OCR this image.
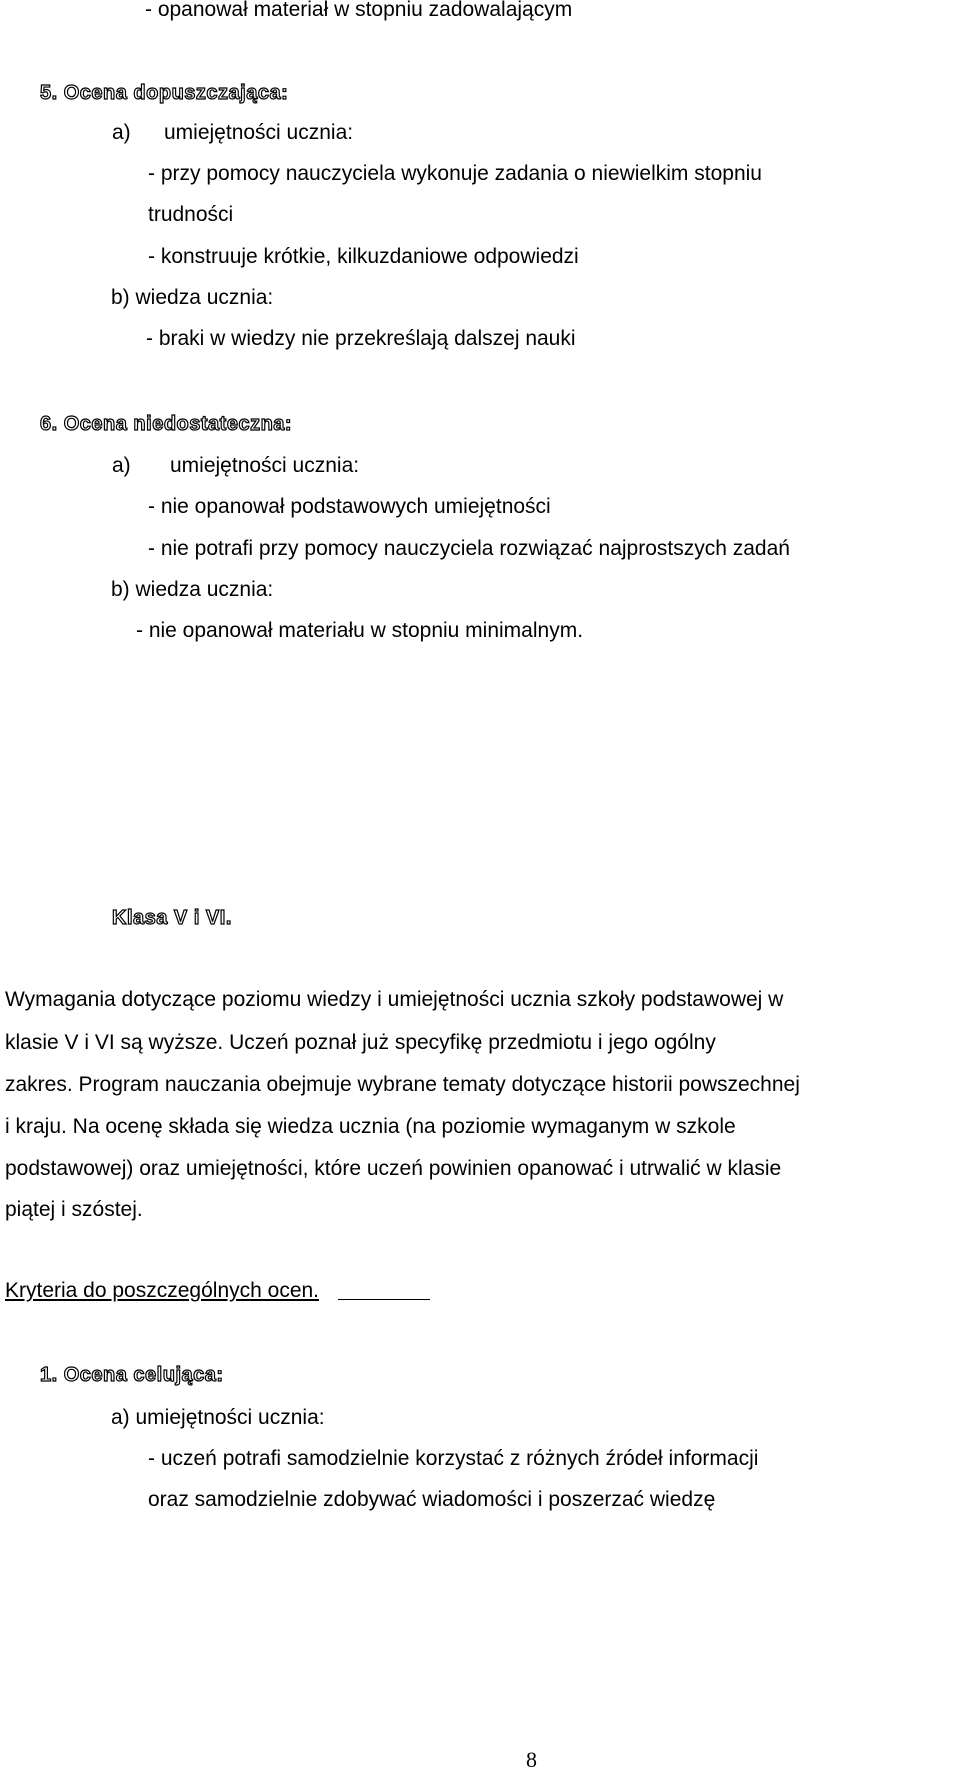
- opanował materiał w stopniu zadowalającym
5. Ocena dopuszczająca:
a) umiejętności ucznia:
- przy pomocy nauczyciela wykonuje zadania o niewielkim stopniu
trudności
- konstruuje krótkie, kilkuzdaniowe odpowiedzi
b) wiedza ucznia:
- braki w wiedzy nie przekreślają dalszej nauki
6. Ocena niedostateczna:
a) umiejętności ucznia:
- nie opanował podstawowych umiejętności
- nie potrafi przy pomocy nauczyciela rozwiązać najprostszych zadań
b) wiedza ucznia:
- nie opanował materiału w stopniu minimalnym.
Klasa V i VI.
Wymagania dotyczące poziomu wiedzy i umiejętności ucznia szkoły podstawowej w
klasie V i VI są wyższe. Uczeń poznał już specyfikę przedmiotu i jego ogólny
zakres. Program nauczania obejmuje wybrane tematy dotyczące historii powszechnej
i kraju. Na ocenę składa się wiedza ucznia (na poziomie wymaganym w szkole
podstawowej) oraz umiejętności, które uczeń powinien opanować i utrwalić w klasie
piątej i szóstej.
Kryteria do poszczególnych ocen.
1. Ocena celująca:
a) umiejętności ucznia:
- uczeń potrafi samodzielnie korzystać z różnych źródeł informacji
oraz samodzielnie zdobywać wiadomości i poszerzać wiedzę
8
